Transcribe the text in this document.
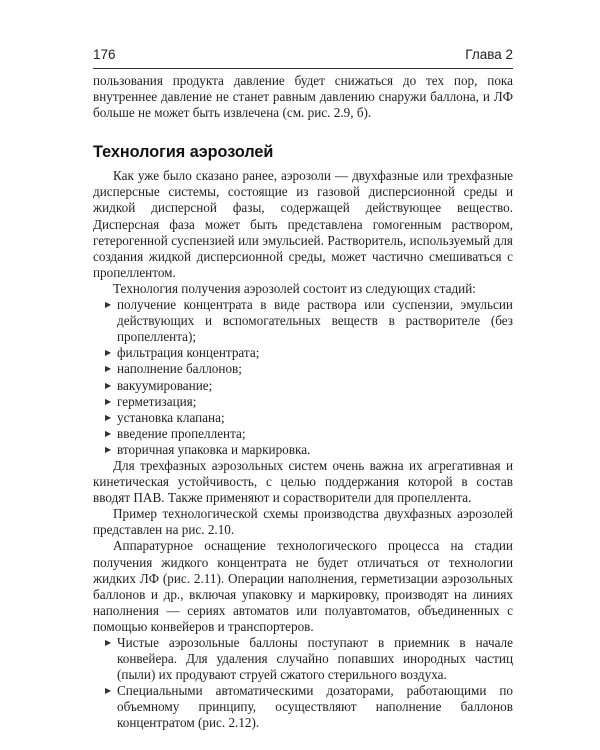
176	Глава 2

пользования продукта давление будет снижаться до тех пор, пока внутреннее давление не станет равным давлению снаружи баллона, и ЛФ больше не может быть извлечена (см. рис. 2.9, б).

Технология аэрозолей

Как уже было сказано ранее, аэрозоли — двухфазные или трехфазные дисперсные системы, состоящие из газовой дисперсионной среды и жидкой дисперсной фазы, содержащей действующее вещество. Дисперсная фаза может быть представлена гомогенным раствором, гетерогенной суспензией или эмульсией. Растворитель, используемый для создания жидкой дисперсионной среды, может частично смешиваться с пропеллентом.

Технология получения аэрозолей состоит из следующих стадий:

▶ получение концентрата в виде раствора или суспензии, эмульсии действующих и вспомогательных веществ в растворителе (без пропеллента);
▶ фильтрация концентрата;
▶ наполнение баллонов;
▶ вакуумирование;
▶ герметизация;
▶ установка клапана;
▶ введение пропеллента;
▶ вторичная упаковка и маркировка.

Для трехфазных аэрозольных систем очень важна их агрегативная и кинетическая устойчивость, с целью поддержания которой в состав вводят ПАВ. Также применяют и сорастворители для пропеллента.

Пример технологической схемы производства двухфазных аэрозолей представлен на рис. 2.10.

Аппаратурное оснащение технологического процесса на стадии получения жидкого концентрата не будет отличаться от технологии жидких ЛФ (рис. 2.11). Операции наполнения, герметизации аэрозольных баллонов и др., включая упаковку и маркировку, производят на линиях наполнения — сериях автоматов или полуавтоматов, объединенных с помощью конвейеров и транспортеров.

▶ Чистые аэрозольные баллоны поступают в приемник в начале конвейера. Для удаления случайно попавших инородных частиц (пыли) их продувают струей сжатого стерильного воздуха.
▶ Специальными автоматическими дозаторами, работающими по объемному принципу, осуществляют наполнение баллонов концентратом (рис. 2.12).
